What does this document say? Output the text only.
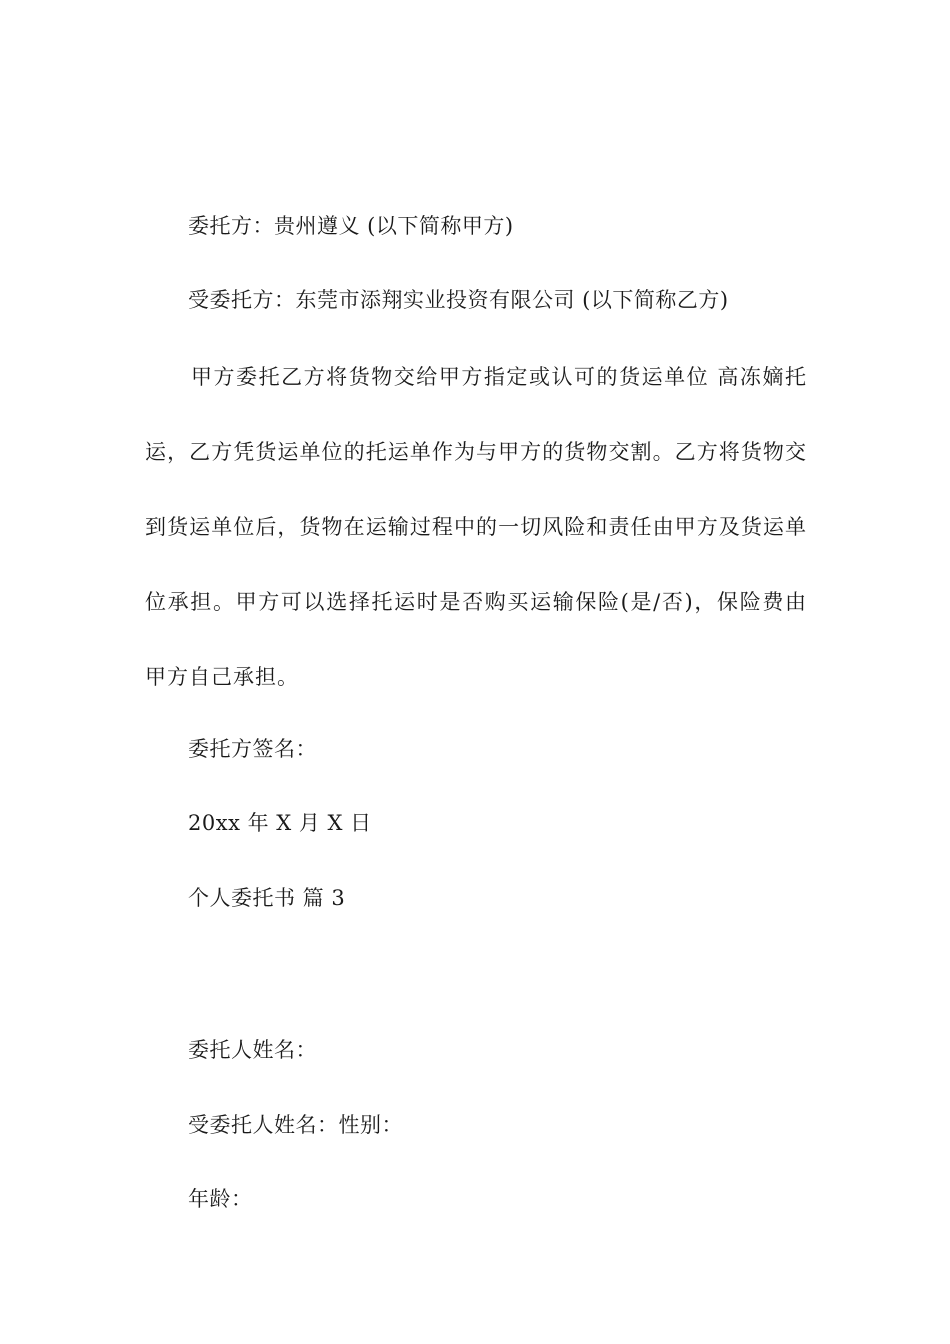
委托方：贵州遵义 (以下简称甲方)
受委托方：东莞市添翔实业投资有限公司 (以下简称乙方)
甲方委托乙方将货物交给甲方指定或认可的货运单位 高冻嫡托运，乙方凭货运单位的托运单作为与甲方的货物交割。乙方将货物交到货运单位后，货物在运输过程中的一切风险和责任由甲方及货运单位承担。甲方可以选择托运时是否购买运输保险(是/否)，保险费由甲方自己承担。
委托方签名：
20xx 年 X 月 X 日
个人委托书 篇 3
委托人姓名：
受委托人姓名：性别：
年龄：
